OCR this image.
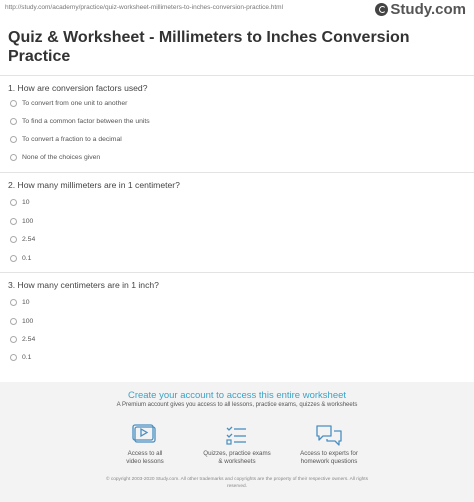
http://study.com/academy/practice/quiz-worksheet-millimeters-to-inches-conversion-practice.html	Study.com
Quiz & Worksheet - Millimeters to Inches Conversion Practice
1. How are conversion factors used?
To convert from one unit to another
To find a common factor between the units
To convert a fraction to a decimal
None of the choices given
2. How many millimeters are in 1 centimeter?
10
100
2.54
0.1
3. How many centimeters are in 1 inch?
10
100
2.54
0.1
Create your account to access this entire worksheet
A Premium account gives you access to all lessons, practice exams, quizzes & worksheets
Access to all
video lessons
Quizzes, practice exams
& worksheets
Access to experts for
homework questions
© copyright 2003-2020 Study.com. All other trademarks and copyrights are the property of their respective owners. All rights
reserved.
